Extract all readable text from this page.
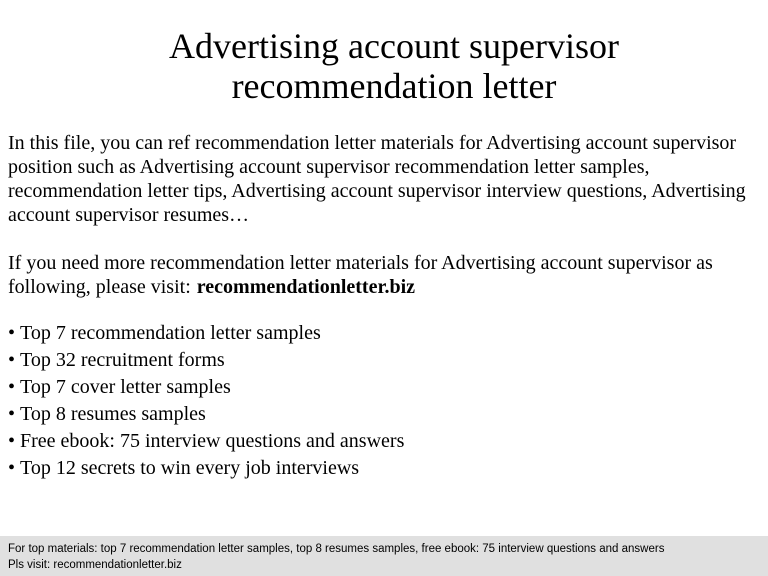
Advertising account supervisor
recommendation letter

In this file, you can ref recommendation letter materials for Advertising account supervisor position such as Advertising account supervisor recommendation letter samples, recommendation letter tips, Advertising account supervisor interview questions, Advertising account supervisor resumes…

If you need more recommendation letter materials for Advertising account supervisor as following, please visit: recommendationletter.biz

• Top 7 recommendation letter samples
• Top 32 recruitment forms
• Top 7 cover letter samples
• Top 8 resumes samples
• Free ebook: 75 interview questions and answers
• Top 12 secrets to win every job interviews
For top materials: top 7 recommendation letter samples, top 8 resumes samples, free ebook: 75 interview questions and answers
Pls visit: recommendationletter.biz
